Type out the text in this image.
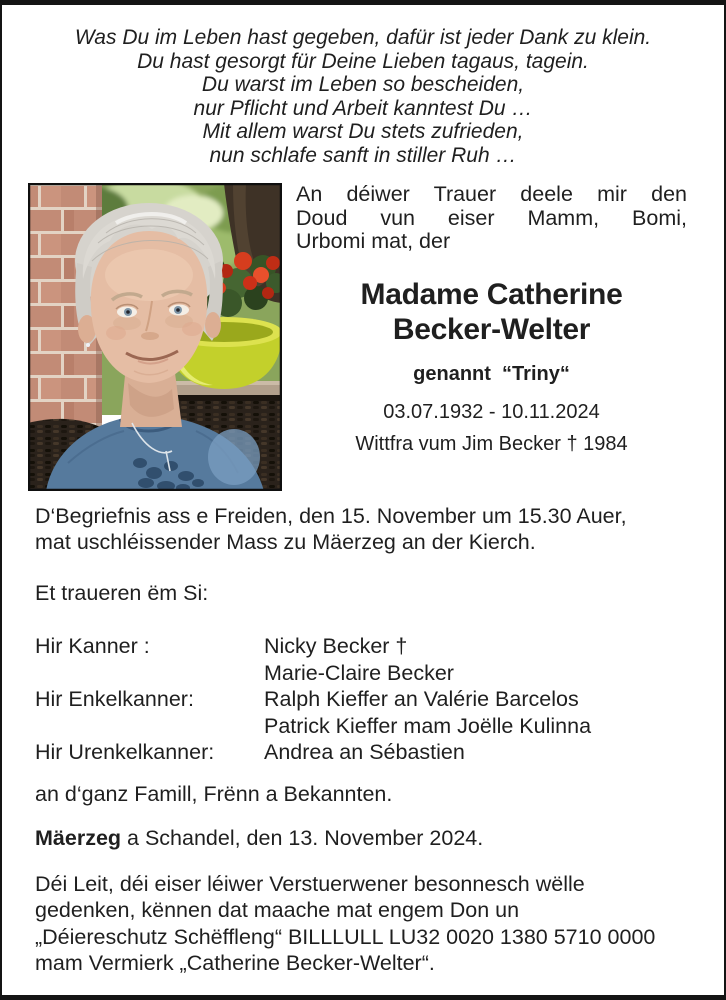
Was Du im Leben hast gegeben, dafür ist jeder Dank zu klein.
Du hast gesorgt für Deine Lieben tagaus, tagein.
Du warst im Leben so bescheiden,
nur Pflicht und Arbeit kanntest Du …
Mit allem warst Du stets zufrieden,
nun schlafe sanft in stiller Ruh …
An déiwer Trauer deele mir den
Doud vun eiser Mamm, Bomi,
Urbomi mat, der
Madame Catherine
Becker-Welter
genannt  “Triny“
03.07.1932 - 10.11.2024
Wittfra vum Jim Becker † 1984
D‘Begriefnis ass e Freiden, den 15. November um 15.30 Auer,
mat uschléissender Mass zu Mäerzeg an der Kierch.
Et traueren ëm Si:
Hir Kanner :	Nicky Becker †
Marie-Claire Becker
Hir Enkelkanner:	Ralph Kieffer an Valérie Barcelos
Patrick Kieffer mam Joëlle Kulinna
Hir Urenkelkanner:	Andrea an Sébastien
an d‘ganz Famill, Frënn a Bekannten.
Mäerzeg a Schandel, den 13. November 2024.
Déi Leit, déi eiser léiwer Verstuerwener besonnesch wëlle
gedenken, kënnen dat maache mat engem Don un
„Déiereschutz Schëffleng“ BILLLULL LU32 0020 1380 5710 0000
mam Vermierk „Catherine Becker-Welter“.
